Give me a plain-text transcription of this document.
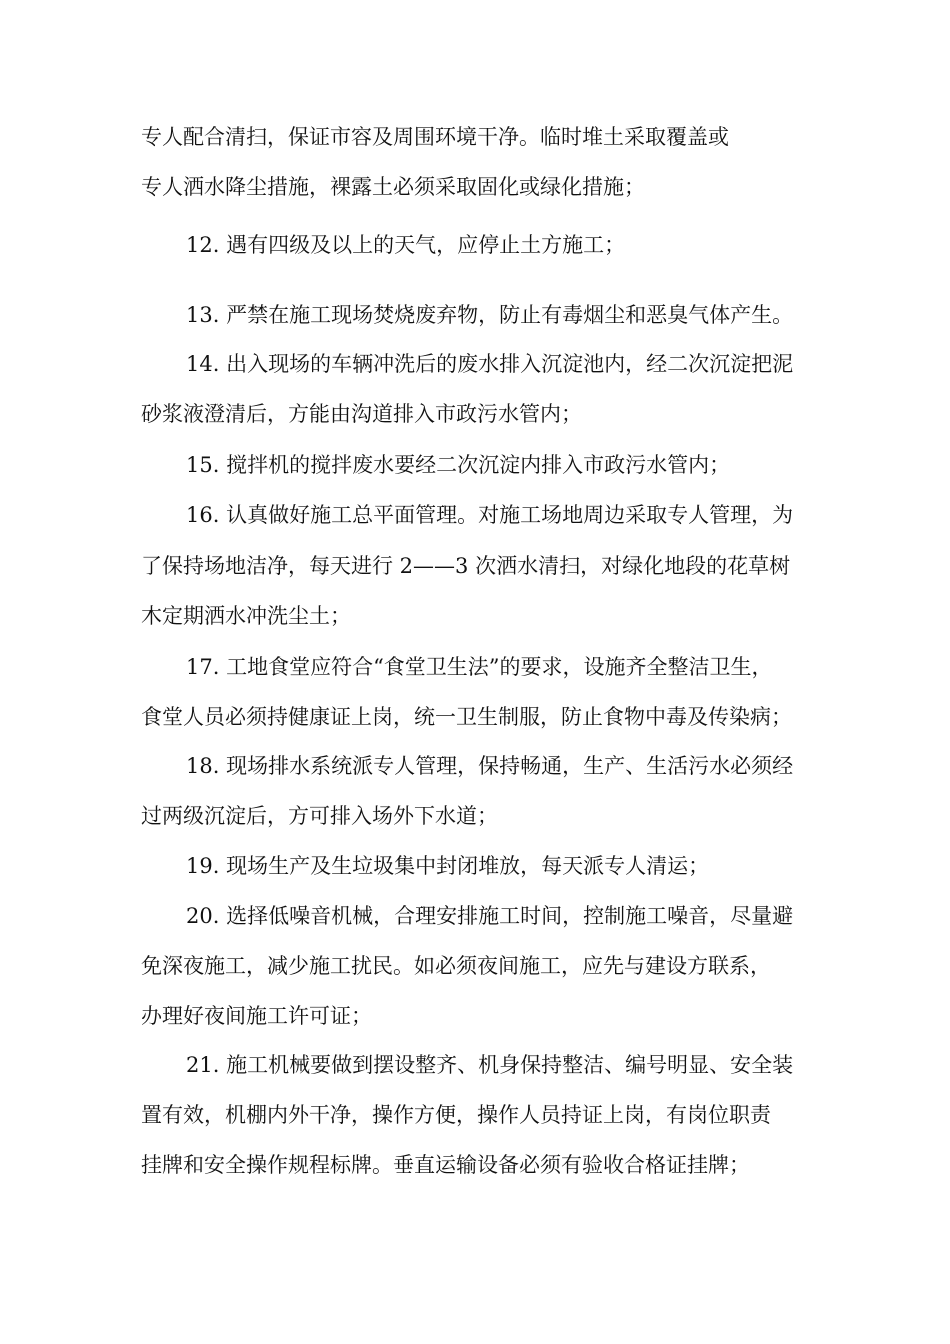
专人配合清扫，保证市容及周围环境干净。临时堆土采取覆盖或
专人洒水降尘措施，裸露土必须采取固化或绿化措施；
12. 遇有四级及以上的天气，应停止土方施工；
13. 严禁在施工现场焚烧废弃物，防止有毒烟尘和恶臭气体产生。
14. 出入现场的车辆冲洗后的废水排入沉淀池内，经二次沉淀把泥
砂浆液澄清后，方能由沟道排入市政污水管内；
15. 搅拌机的搅拌废水要经二次沉淀内排入市政污水管内；
16. 认真做好施工总平面管理。对施工场地周边采取专人管理，为
了保持场地洁净，每天进行 2——3 次洒水清扫，对绿化地段的花草树
木定期洒水冲洗尘土；
17. 工地食堂应符合“食堂卫生法”的要求，设施齐全整洁卫生，
食堂人员必须持健康证上岗，统一卫生制服，防止食物中毒及传染病；
18. 现场排水系统派专人管理，保持畅通，生产、生活污水必须经
过两级沉淀后，方可排入场外下水道；
19. 现场生产及生垃圾集中封闭堆放，每天派专人清运；
20. 选择低噪音机械，合理安排施工时间，控制施工噪音，尽量避
免深夜施工，减少施工扰民。如必须夜间施工，应先与建设方联系，
办理好夜间施工许可证；
21. 施工机械要做到摆设整齐、机身保持整洁、编号明显、安全装
置有效，机棚内外干净，操作方便，操作人员持证上岗，有岗位职责
挂牌和安全操作规程标牌。垂直运输设备必须有验收合格证挂牌；
